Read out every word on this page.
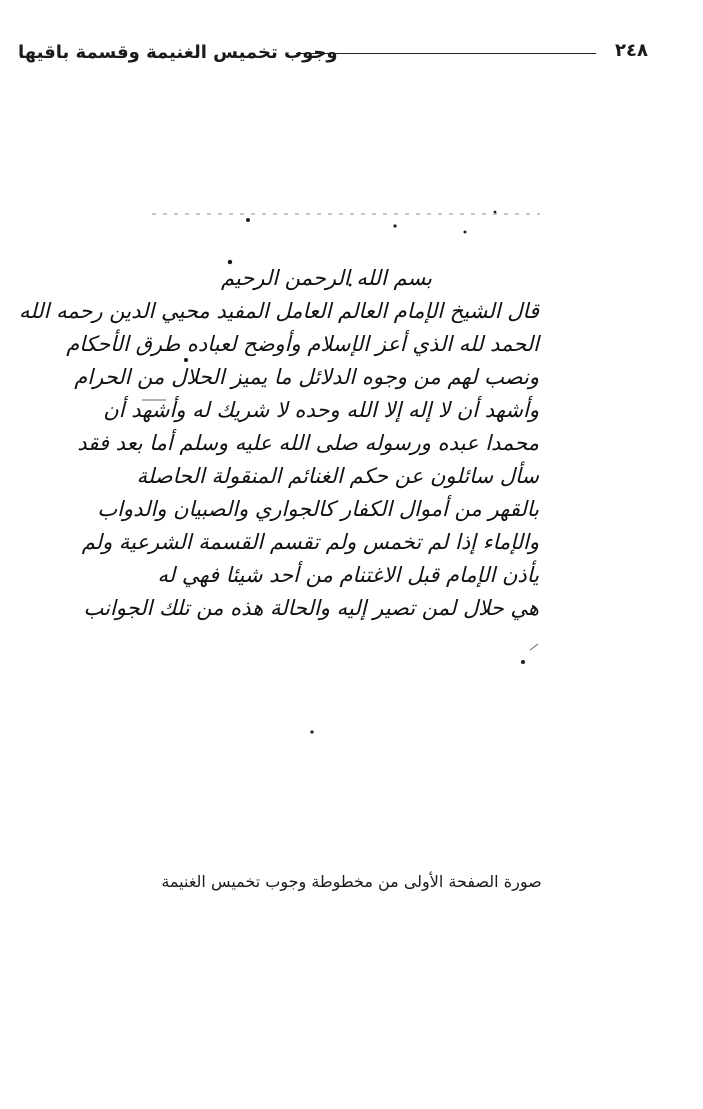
وجوب تخميس الغنيمة وقسمة باقيها	٢٤٨
بسم الله الرحمن الرحيم
قال الشيخ الإمام العالم العامل المفيد محيي الدين رحمه الله
الحمد لله الذي أعز الإسلام وأوضح لعباده طرق الأحكام
ونصب لهم من وجوه الدلائل ما يميز الحلال من الحرام
وأشهد أن لا إله إلا الله وحده لا شريك له وأشهد أن
محمدا عبده ورسوله صلى الله عليه وسلم أما بعد فقد
سأل سائلون عن حكم الغنائم المنقولة الحاصلة
بالقهر من أموال الكفار كالجواري والصبيان والدواب
والإماء إذا لم تخمس ولم تقسم القسمة الشرعية ولم
يأذن الإمام قبل الاغتنام من أحد شيئا فهي له
هي حلال لمن تصير إليه والحالة هذه من تلك الجوانب
صورة الصفحة الأولى من مخطوطة وجوب تخميس الغنيمة
